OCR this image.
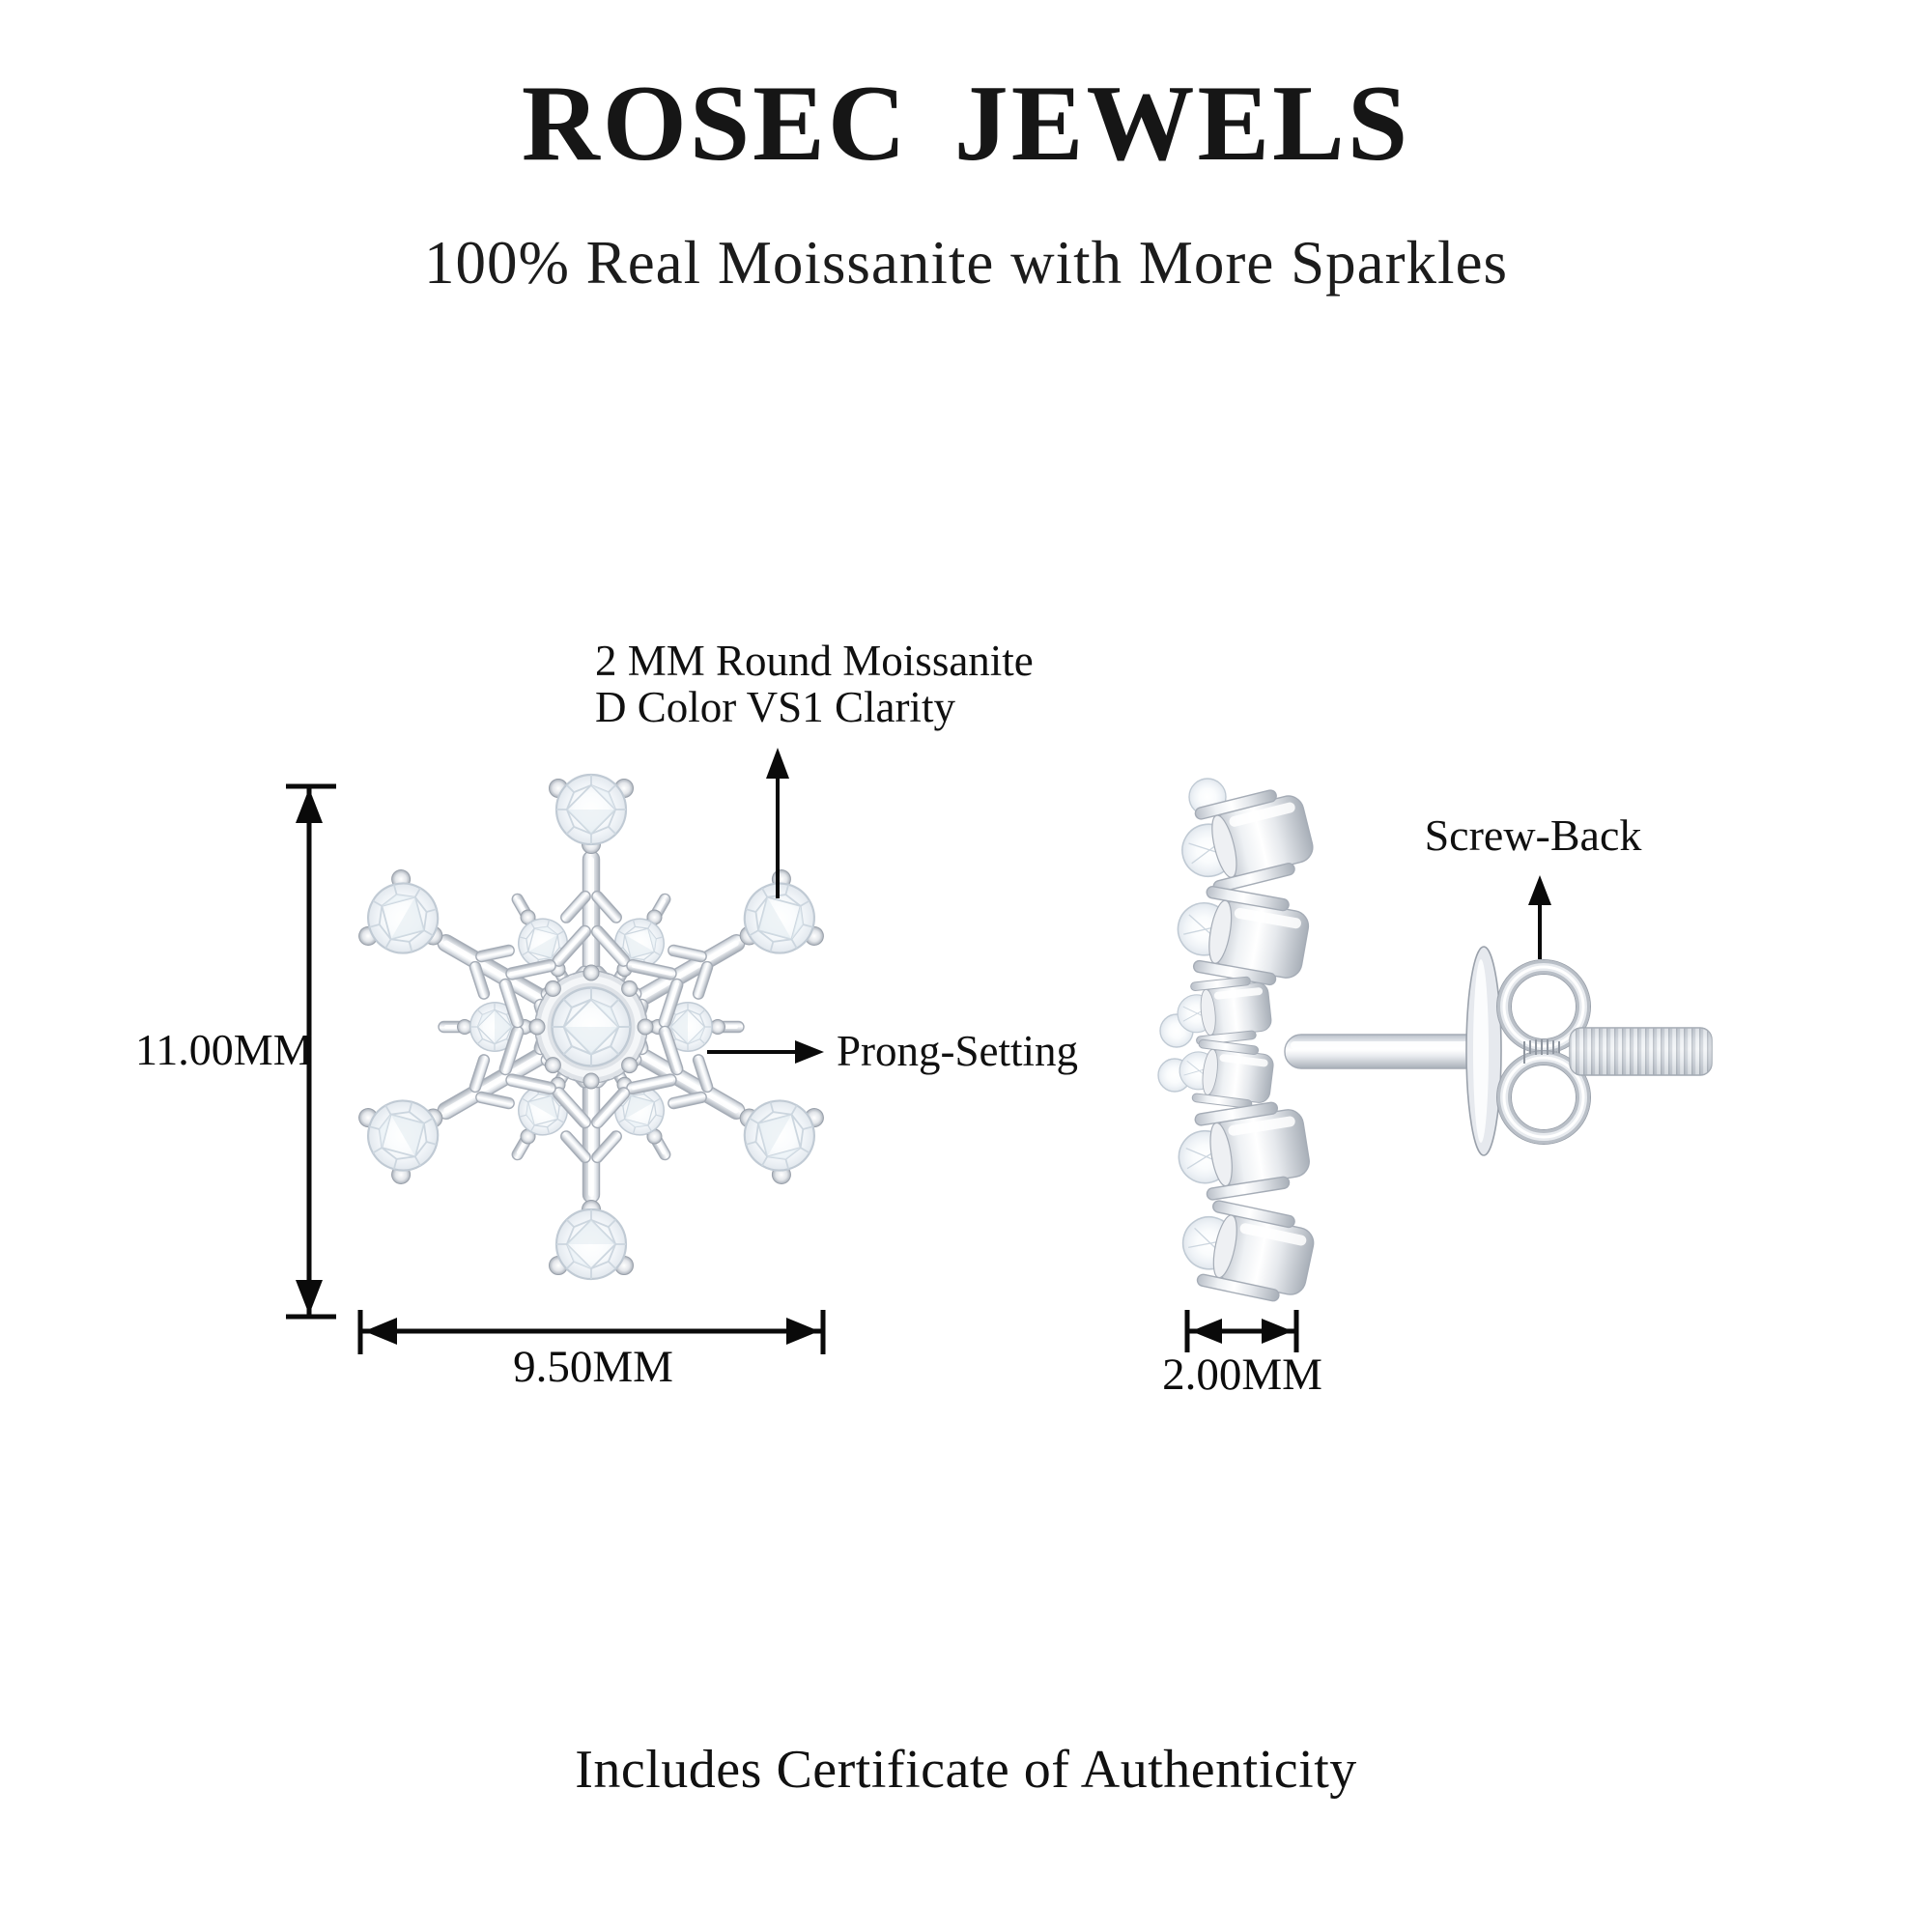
ROSEC JEWELS
100% Real Moissanite with More Sparkles
2 MM Round Moissanite
D Color VS1 Clarity
Prong-Setting
Screw-Back
11.00MM
9.50MM	2.00MM
Includes Certificate of Authenticity
